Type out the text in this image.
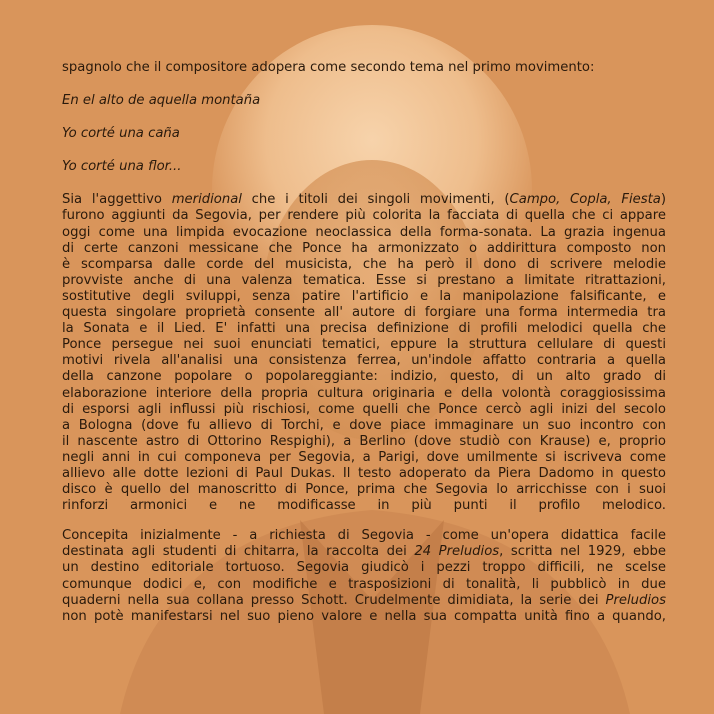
spagnolo che il compositore adopera come secondo tema nel primo movimento:
En el alto de aquella montaña
Yo corté una caña
Yo corté una flor...
Sia l'aggettivo meridional che i titoli dei singoli movimenti, (Campo, Copla, Fiesta)
furono aggiunti da Segovia, per rendere più colorita la facciata di quella che ci appare
oggi come una limpida evocazione neoclassica della forma-sonata. La grazia ingenua
di certe canzoni messicane che Ponce ha armonizzato o addirittura composto non
è scomparsa dalle corde del musicista, che ha però il dono di scrivere melodie
provviste anche di una valenza tematica. Esse si prestano a limitate ritrattazioni,
sostitutive degli sviluppi, senza patire l'artificio e la manipolazione falsificante, e
questa singolare proprietà consente all' autore di forgiare una forma intermedia tra
la Sonata e il Lied. E' infatti una precisa definizione di profili melodici quella che
Ponce persegue nei suoi enunciati tematici, eppure la struttura cellulare di questi
motivi rivela all'analisi una consistenza ferrea, un'indole affatto contraria a quella
della canzone popolare o popolareggiante: indizio, questo, di un alto grado di
elaborazione interiore della propria cultura originaria e della volontà coraggiosissima
di esporsi agli influssi più rischiosi, come quelli che Ponce cercò agli inizi del secolo
a Bologna (dove fu allievo di Torchi, e dove piace immaginare un suo incontro con
il nascente astro di Ottorino Respighi), a Berlino (dove studiò con Krause) e, proprio
negli anni in cui componeva per Segovia, a Parigi, dove umilmente si iscriveva come
allievo alle dotte lezioni di Paul Dukas. Il testo adoperato da Piera Dadomo in questo
disco è quello del manoscritto di Ponce, prima che Segovia lo arricchisse con i suoi
rinforzi armonici e ne modificasse in più punti il profilo melodico.
Concepita inizialmente - a richiesta di Segovia - come un'opera didattica facile
destinata agli studenti di chitarra, la raccolta dei 24 Preludios, scritta nel 1929, ebbe
un destino editoriale tortuoso. Segovia giudicò i pezzi troppo difficili, ne scelse
comunque dodici e, con modifiche e trasposizioni di tonalità, li pubblicò in due
quaderni nella sua collana presso Schott. Crudelmente dimidiata, la serie dei Preludios
non potè manifestarsi nel suo pieno valore e nella sua compatta unità fino a quando,
